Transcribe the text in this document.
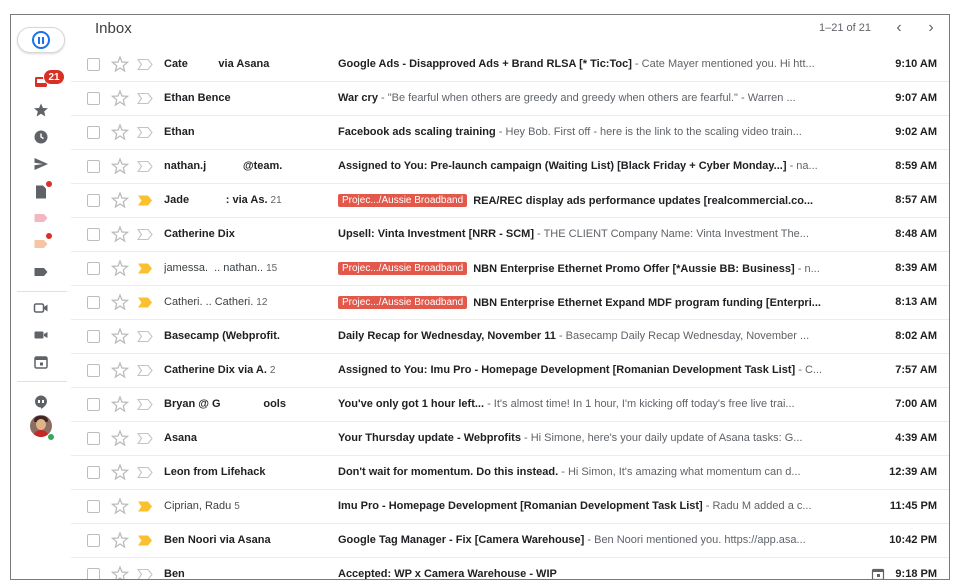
21
Inbox	1–21 of 21	‹	›
Cate          via Asana	Google Ads - Disapproved Ads + Brand RLSA [* Tic:Toc] - Cate Mayer mentioned you. Hi htt...	9:10 AM
Ethan Bence	War cry - "Be fearful when others are greedy and greedy when others are fearful." - Warren ...	9:07 AM
Ethan	Facebook ads scaling training - Hey Bob. First off - here is the link to the scaling video train...	9:02 AM
nathan.j            @team.	Assigned to You: Pre-launch campaign (Waiting List) [Black Friday + Cyber Monday...] - na...	8:59 AM
Jade            : via As. 21	Projec.../Aussie Broadband REA/REC display ads performance updates [realcommercial.co...	8:57 AM
Catherine Dix	Upsell: Vinta Investment [NRR - SCM] - THE CLIENT Company Name: Vinta Investment The...	8:48 AM
jamessa.  .. nathan.. 15	Projec.../Aussie Broadband NBN Enterprise Ethernet Promo Offer [*Aussie BB: Business] - n...	8:39 AM
Catheri. .. Catheri. 12	Projec.../Aussie Broadband NBN Enterprise Ethernet Expand MDF program funding [Enterpri...	8:13 AM
Basecamp (Webprofit.	Daily Recap for Wednesday, November 11 - Basecamp Daily Recap Wednesday, November ...	8:02 AM
Catherine Dix via A. 2	Assigned to You: Imu Pro - Homepage Development [Romanian Development Task List] - C...	7:57 AM
Bryan @ G              ools	You've only got 1 hour left... - It's almost time! In 1 hour, I'm kicking off today's free live trai...	7:00 AM
Asana	Your Thursday update - Webprofits - Hi Simone, here's your daily update of Asana tasks: G...	4:39 AM
Leon from Lifehack	Don't wait for momentum. Do this instead. - Hi Simon, It's amazing what momentum can d...	12:39 AM
Ciprian, Radu 5	Imu Pro - Homepage Development [Romanian Development Task List] - Radu M added a c...	11:45 PM
Ben Noori via Asana	Google Tag Manager - Fix [Camera Warehouse] - Ben Noori mentioned you. https://app.asa...	10:42 PM
Ben	Accepted: WP x Camera Warehouse - WIP	9:18 PM
